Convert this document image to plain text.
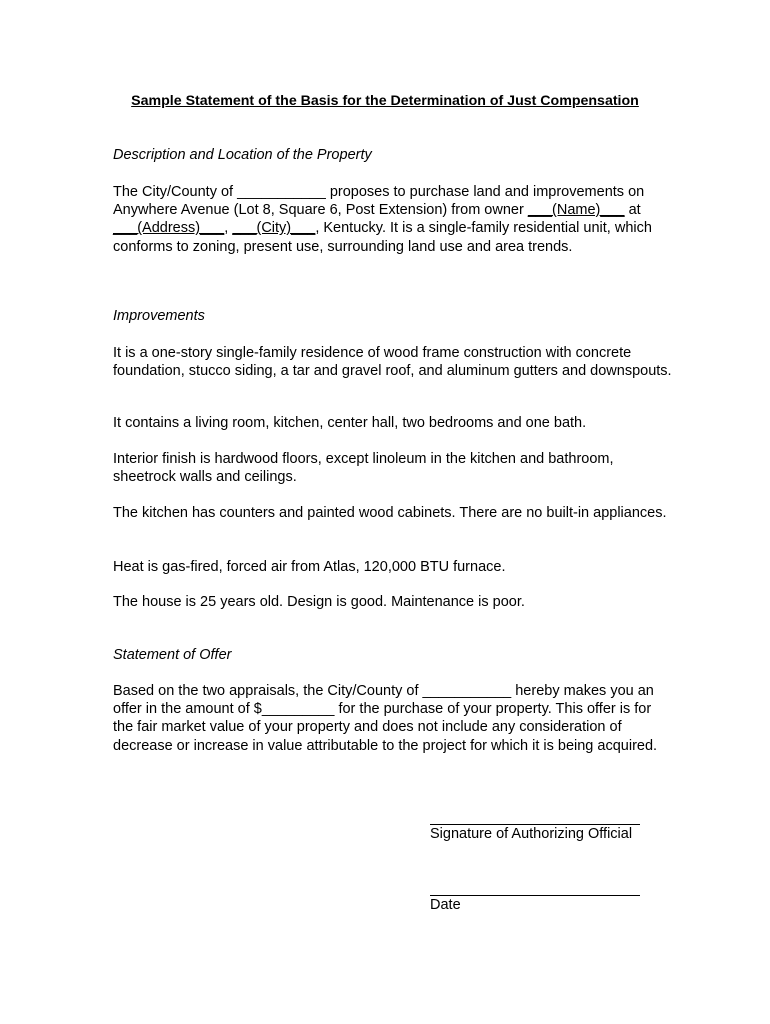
Sample Statement of the Basis for the Determination of Just Compensation
Description and Location of the Property
The City/County of ___________ proposes to purchase land and improvements on Anywhere Avenue (Lot 8, Square 6, Post Extension) from owner ___(Name)___ at ___(Address)___, ___(City)___, Kentucky. It is a single-family residential unit, which conforms to zoning, present use, surrounding land use and area trends.
Improvements
It is a one-story single-family residence of wood frame construction with concrete foundation, stucco siding, a tar and gravel roof, and aluminum gutters and downspouts.
It contains a living room, kitchen, center hall, two bedrooms and one bath.
Interior finish is hardwood floors, except linoleum in the kitchen and bathroom, sheetrock walls and ceilings.
The kitchen has counters and painted wood cabinets. There are no built-in appliances.
Heat is gas-fired, forced air from Atlas, 120,000 BTU furnace.
The house is 25 years old. Design is good. Maintenance is poor.
Statement of Offer
Based on the two appraisals, the City/County of ___________ hereby makes you an offer in the amount of $_________ for the purchase of your property. This offer is for the fair market value of your property and does not include any consideration of decrease or increase in value attributable to the project for which it is being acquired.
Signature of Authorizing Official
Date
